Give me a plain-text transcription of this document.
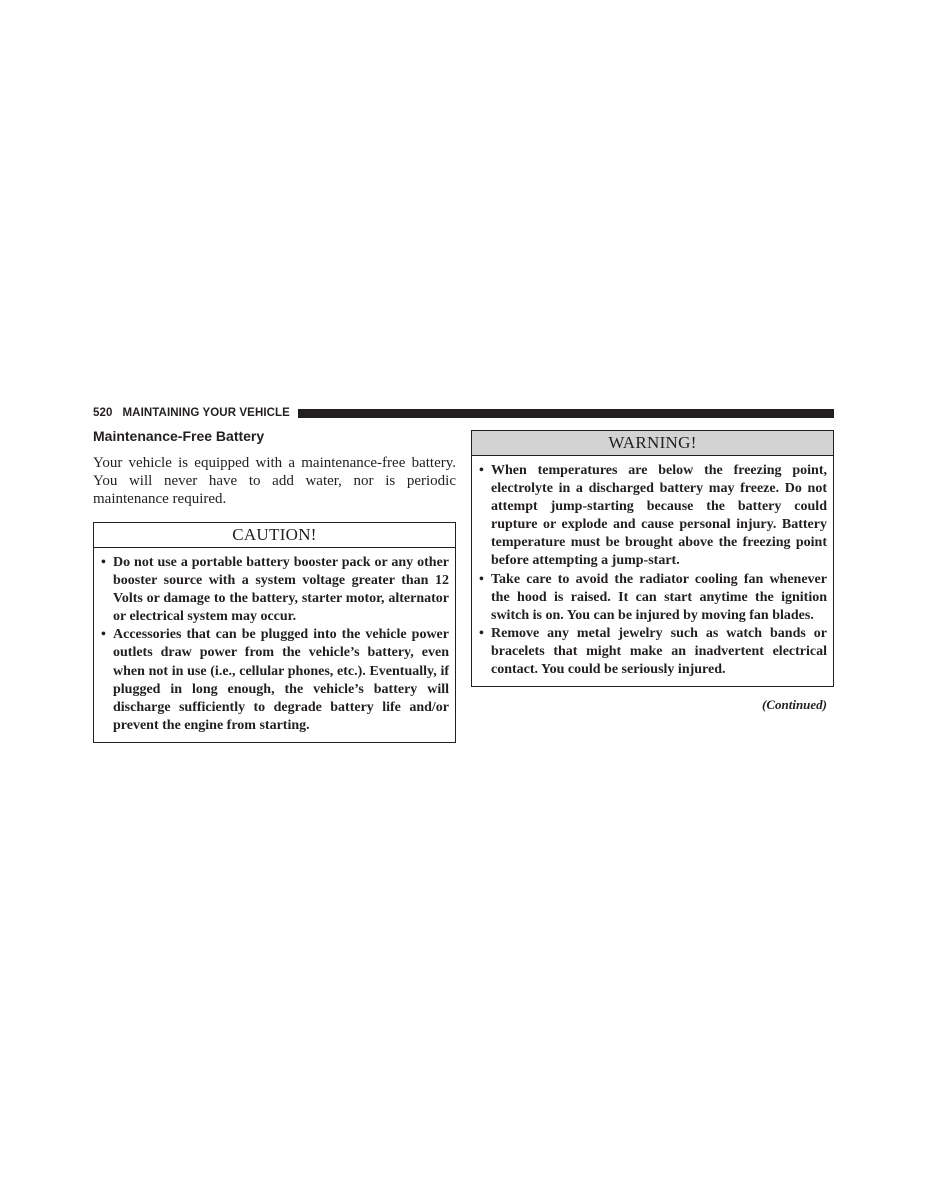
520 MAINTAINING YOUR VEHICLE
Maintenance-Free Battery

Your vehicle is equipped with a maintenance-free battery. You will never have to add water, nor is periodic maintenance required.

CAUTION!
• Do not use a portable battery booster pack or any other booster source with a system voltage greater than 12 Volts or damage to the battery, starter motor, alternator or electrical system may occur.
• Accessories that can be plugged into the vehicle power outlets draw power from the vehicle’s battery, even when not in use (i.e., cellular phones, etc.). Eventually, if plugged in long enough, the vehicle’s battery will discharge sufficiently to degrade battery life and/or prevent the engine from starting.
WARNING!
• When temperatures are below the freezing point, electrolyte in a discharged battery may freeze. Do not attempt jump-starting because the battery could rupture or explode and cause personal injury. Battery temperature must be brought above the freezing point before attempting a jump-start.
• Take care to avoid the radiator cooling fan whenever the hood is raised. It can start anytime the ignition switch is on. You can be injured by moving fan blades.
• Remove any metal jewelry such as watch bands or bracelets that might make an inadvertent electrical contact. You could be seriously injured.
(Continued)
